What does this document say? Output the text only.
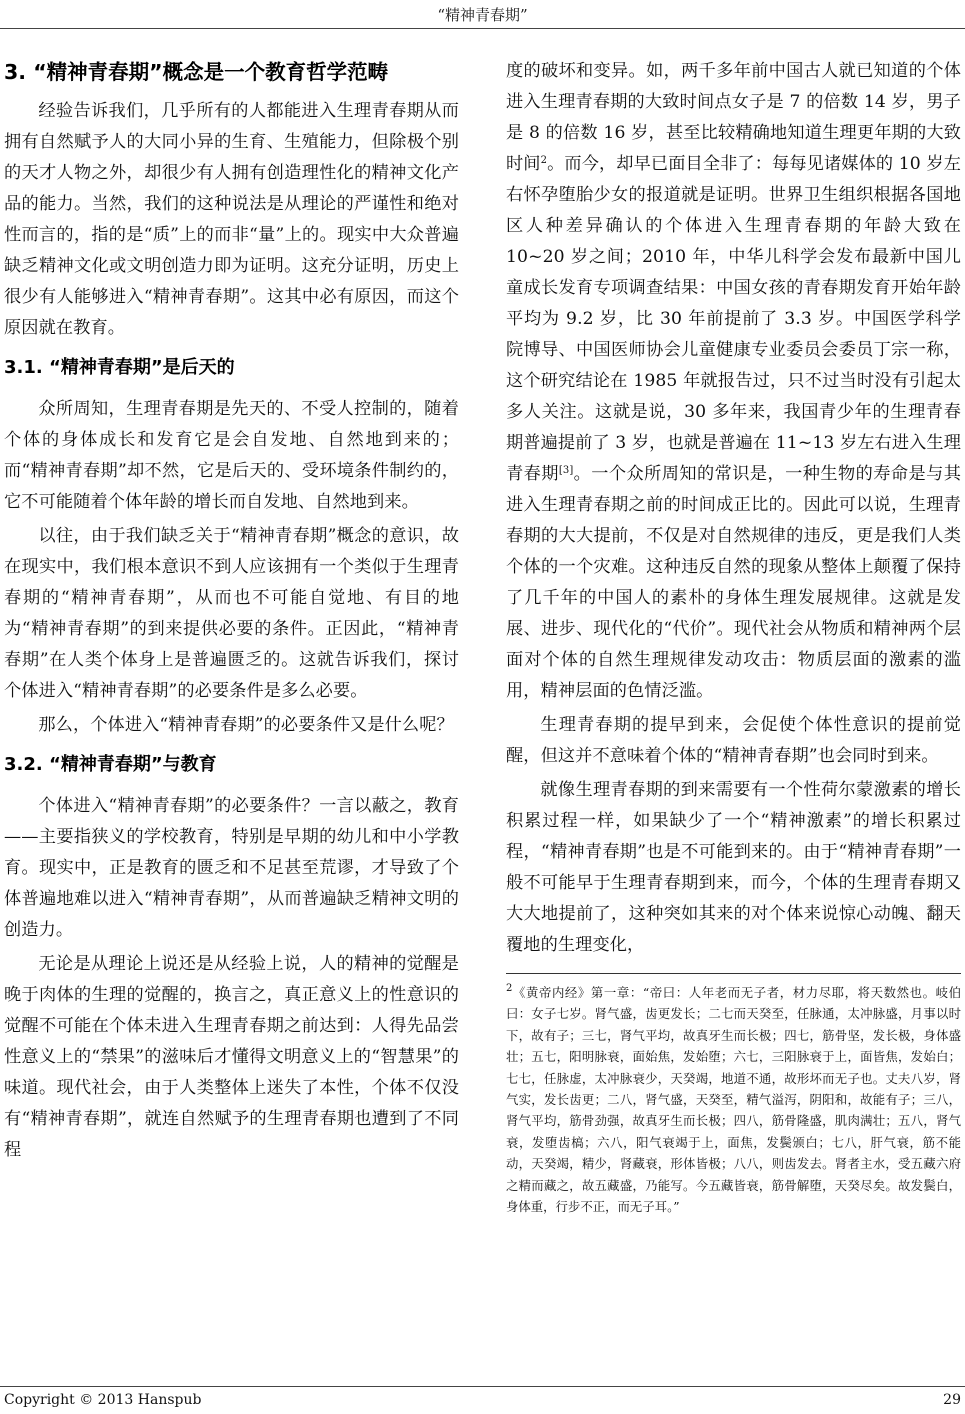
“精神青春期”
3. “精神青春期”概念是一个教育哲学范畴

经验告诉我们，几乎所有的人都能进入生理青春期从而拥有自然赋予人的大同小异的生育、生殖能力，但除极个别的天才人物之外，却很少有人拥有创造理性化的精神文化产品的能力。当然，我们的这种说法是从理论的严谨性和绝对性而言的，指的是“质”上的而非“量”上的。现实中大众普遍缺乏精神文化或文明创造力即为证明。这充分证明，历史上很少有人能够进入“精神青春期”。这其中必有原因，而这个原因就在教育。

3.1. “精神青春期”是后天的

众所周知，生理青春期是先天的、不受人控制的，随着个体的身体成长和发育它是会自发地、自然地到来的；而“精神青春期”却不然，它是后天的、受环境条件制约的，它不可能随着个体年龄的增长而自发地、自然地到来。

以往，由于我们缺乏关于“精神青春期”概念的意识，故在现实中，我们根本意识不到人应该拥有一个类似于生理青春期的“精神青春期”，从而也不可能自觉地、有目的地为“精神青春期”的到来提供必要的条件。正因此，“精神青春期”在人类个体身上是普遍匮乏的。这就告诉我们，探讨个体进入“精神青春期”的必要条件是多么必要。

那么，个体进入“精神青春期”的必要条件又是什么呢？

3.2. “精神青春期”与教育

个体进入“精神青春期”的必要条件？一言以蔽之，教育——主要指狭义的学校教育，特别是早期的幼儿和中小学教育。现实中，正是教育的匮乏和不足甚至荒谬，才导致了个体普遍地难以进入“精神青春期”，从而普遍缺乏精神文明的创造力。

无论是从理论上说还是从经验上说，人的精神的觉醒是晚于肉体的生理的觉醒的，换言之，真正意义上的性意识的觉醒不可能在个体未进入生理青春期之前达到：人得先品尝性意义上的“禁果”的滋味后才懂得文明意义上的“智慧果”的味道。现代社会，由于人类整体上迷失了本性，个体不仅没有“精神青春期”，就连自然赋予的生理青春期也遭到了不同程

度的破坏和变异。如，两千多年前中国古人就已知道的个体进入生理青春期的大致时间点女子是 7 的倍数 14 岁，男子是 8 的倍数 16 岁，甚至比较精确地知道生理更年期的大致时间$^2$。而今，却早已面目全非了：每每见诸媒体的 10 岁左右怀孕堕胎少女的报道就是证明。世界卫生组织根据各国地区人种差异确认的个体进入生理青春期的年龄大致在 10~20 岁之间；2010 年，中华儿科学会发布最新中国儿童成长发育专项调查结果：中国女孩的青春期发育开始年龄平均为 9.2 岁，比 30 年前提前了 3.3 岁。中国医学科学院博导、中国医师协会儿童健康专业委员会委员丁宗一称，这个研究结论在 1985 年就报告过，只不过当时没有引起太多人关注。这就是说，30 多年来，我国青少年的生理青春期普遍提前了 3 岁，也就是普遍在 11~13 岁左右进入生理青春期[3]。一个众所周知的常识是，一种生物的寿命是与其进入生理青春期之前的时间成正比的。因此可以说，生理青春期的大大提前，不仅是对自然规律的违反，更是我们人类个体的一个灾难。这种违反自然的现象从整体上颠覆了保持了几千年的中国人的素朴的身体生理发展规律。这就是发展、进步、现代化的“代价”。现代社会从物质和精神两个层面对个体的自然生理规律发动攻击：物质层面的激素的滥用，精神层面的色情泛滥。

生理青春期的提早到来，会促使个体性意识的提前觉醒，但这并不意味着个体的“精神青春期”也会同时到来。

就像生理青春期的到来需要有一个性荷尔蒙激素的增长积累过程一样，如果缺少了一个“精神激素”的增长积累过程，“精神青春期”也是不可能到来的。由于“精神青春期”一般不可能早于生理青春期到来，而今，个体的生理青春期又大大地提前了，这种突如其来的对个体来说惊心动魄、翻天覆地的生理变化，

$^2$《黄帝内经》第一章：“帝曰：人年老而无子者，材力尽耶，将天数然也。岐伯曰：女子七岁。肾气盛，齿更发长；二七而天癸至，任脉通，太冲脉盛，月事以时下，故有子；三七，肾气平均，故真牙生而长极；四七，筋骨坚，发长极，身体盛壮；五七，阳明脉衰，面始焦，发始堕；六七，三阳脉衰于上，面皆焦，发始白；七七，任脉虚，太冲脉衰少，天癸竭，地道不通，故形坏而无子也。丈夫八岁，肾气实，发长齿更；二八，肾气盛，天癸至，精气溢泻，阴阳和，故能有子；三八，肾气平均，筋骨劲强，故真牙生而长极；四八，筋骨隆盛，肌肉满壮；五八，肾气衰，发堕齿槁；六八，阳气衰竭于上，面焦，发鬓颁白；七八，肝气衰，筋不能动，天癸竭，精少，肾藏衰，形体皆极；八八，则齿发去。肾者主水，受五藏六府之精而藏之，故五藏盛，乃能写。今五藏皆衰，筋骨解堕，天癸尽矣。故发鬓白，身体重，行步不正，而无子耳。”

Copyright © 2013 Hanspub	29
